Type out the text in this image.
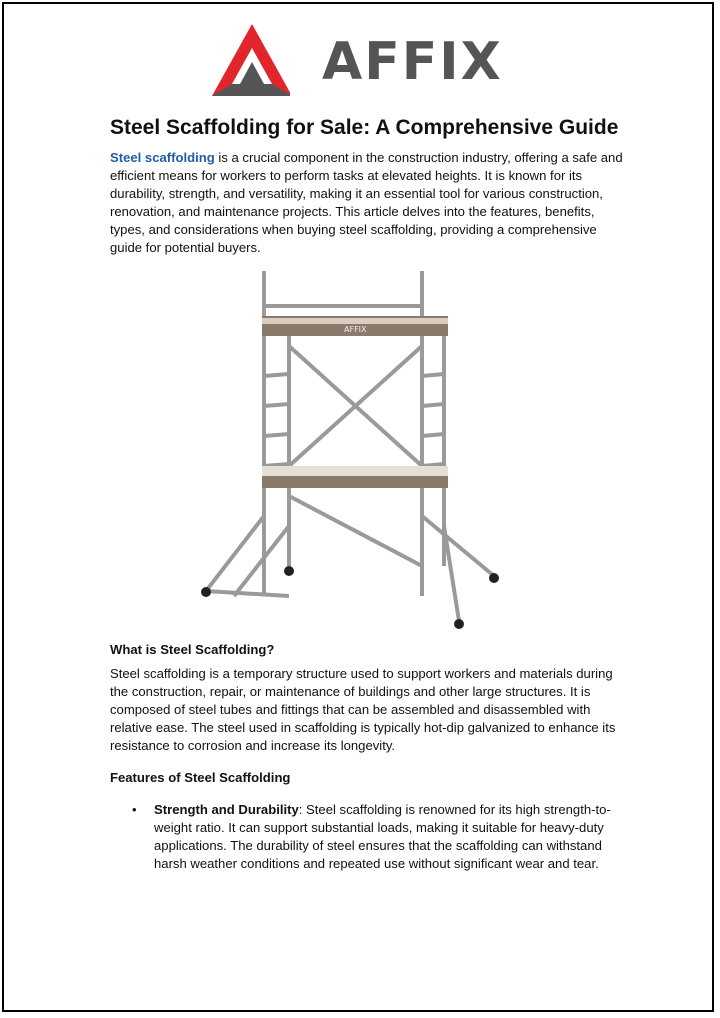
AFFIX
Steel Scaffolding for Sale: A Comprehensive Guide

Steel scaffolding is a crucial component in the construction industry, offering a safe and efficient means for workers to perform tasks at elevated heights. It is known for its durability, strength, and versatility, making it an essential tool for various construction, renovation, and maintenance projects. This article delves into the features, benefits, types, and considerations when buying steel scaffolding, providing a comprehensive guide for potential buyers.

AFFIX

What is Steel Scaffolding?

Steel scaffolding is a temporary structure used to support workers and materials during the construction, repair, or maintenance of buildings and other large structures. It is composed of steel tubes and fittings that can be assembled and disassembled with relative ease. The steel used in scaffolding is typically hot-dip galvanized to enhance its resistance to corrosion and increase its longevity.

Features of Steel Scaffolding

• Strength and Durability: Steel scaffolding is renowned for its high strength-to-weight ratio. It can support substantial loads, making it suitable for heavy-duty applications. The durability of steel ensures that the scaffolding can withstand harsh weather conditions and repeated use without significant wear and tear.
